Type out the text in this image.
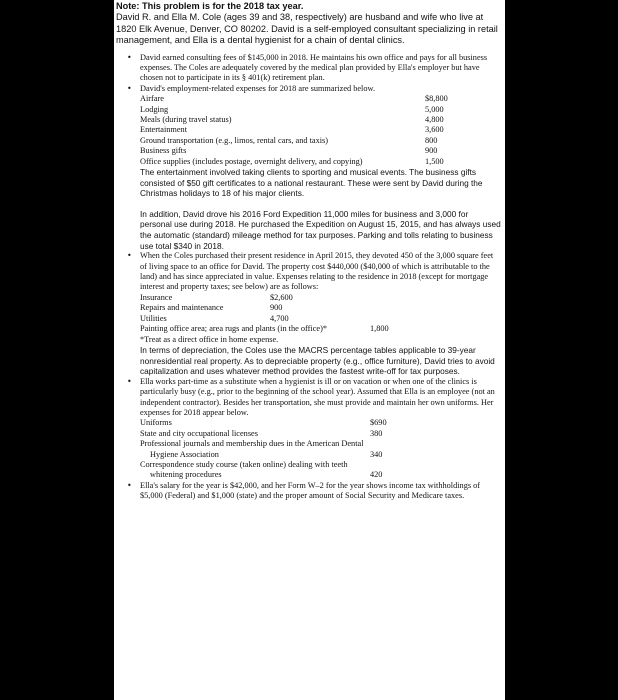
Note: This problem is for the 2018 tax year.
David R. and Ella M. Cole (ages 39 and 38, respectively) are husband and wife who live at 1820 Elk Avenue, Denver, CO 80202. David is a self-employed consultant specializing in retail management, and Ella is a dental hygienist for a chain of dental clinics.
• David earned consulting fees of $145,000 in 2018. He maintains his own office and pays for all business expenses. The Coles are adequately covered by the medical plan provided by Ella's employer but have chosen not to participate in its § 401(k) retirement plan.
• David's employment-related expenses for 2018 are summarized below.
Airfare	$8,800
Lodging	5,000
Meals (during travel status)	4,800
Entertainment	3,600
Ground transportation (e.g., limos, rental cars, and taxis)	800
Business gifts	900
Office supplies (includes postage, overnight delivery, and copying)	1,500
The entertainment involved taking clients to sporting and musical events. The business gifts consisted of $50 gift certificates to a national restaurant. These were sent by David during the Christmas holidays to 18 of his major clients.
In addition, David drove his 2016 Ford Expedition 11,000 miles for business and 3,000 for personal use during 2018. He purchased the Expedition on August 15, 2015, and has always used the automatic (standard) mileage method for tax purposes. Parking and tolls relating to business use total $340 in 2018.
• When the Coles purchased their present residence in April 2015, they devoted 450 of the 3,000 square feet of living space to an office for David. The property cost $440,000 ($40,000 of which is attributable to the land) and has since appreciated in value. Expenses relating to the residence in 2018 (except for mortgage interest and property taxes; see below) are as follows:
Insurance	$2,600
Repairs and maintenance	900
Utilities	4,700
Painting office area; area rugs and plants (in the office)*	1,800
*Treat as a direct office in home expense.
In terms of depreciation, the Coles use the MACRS percentage tables applicable to 39-year nonresidential real property. As to depreciable property (e.g., office furniture), David tries to avoid capitalization and uses whatever method provides the fastest write-off for tax purposes.
• Ella works part-time as a substitute when a hygienist is ill or on vacation or when one of the clinics is particularly busy (e.g., prior to the beginning of the school year). Assumed that Ella is an employee (not an independent contractor). Besides her transportation, she must provide and maintain her own uniforms. Her expenses for 2018 appear below.
Uniforms	$690
State and city occupational licenses	380
Professional journals and membership dues in the American Dental
Hygiene Association	340
Correspondence study course (taken online) dealing with teeth
whitening procedures	420
• Ella's salary for the year is $42,000, and her Form W–2 for the year shows income tax withholdings of $5,000 (Federal) and $1,000 (state) and the proper amount of Social Security and Medicare taxes.
